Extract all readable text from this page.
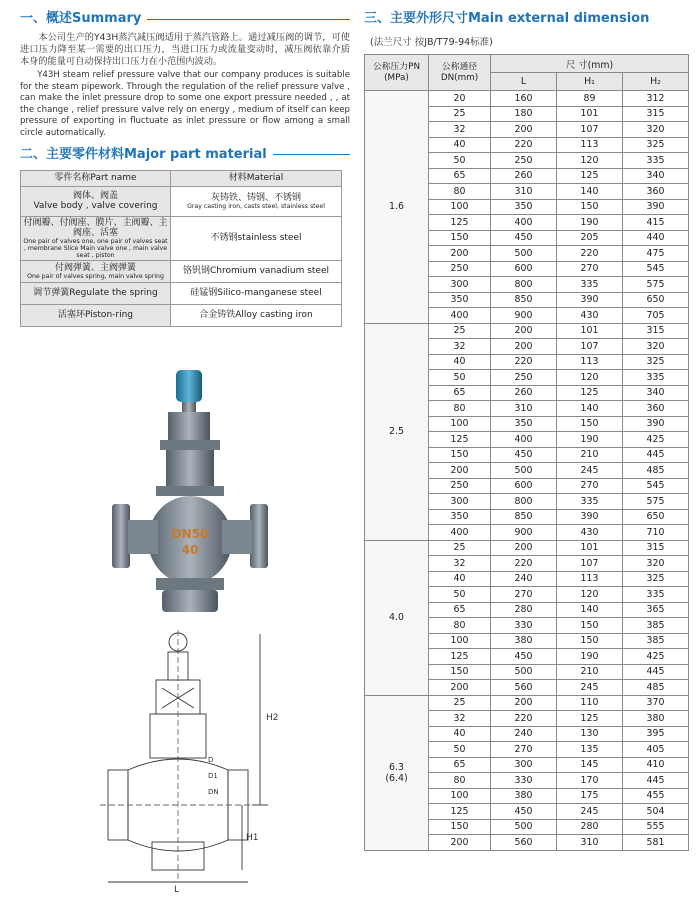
一、概述Summary

本公司生产的Y43H蒸汽减压阀适用于蒸汽管路上。通过减压阀的调节，可使进口压力降至某一需要的出口压力，当进口压力或流量变动时，减压阀依靠介质本身的能量可自动保持出口压力在小范围内波动。

Y43H steam relief pressure valve that our company produces is suitable for the steam pipework. Through the regulation of the relief pressure valve , can make the inlet pressure drop to some one export pressure needed , , at the change , relief pressure valve rely on energy , medium of itself can keep pressure of exporting in fluctuate as inlet pressure or flow among a small circle automatically.

二、主要零件材料Major part material
零件名称Part name	材料Material

阀体、阀盖
Valve body , valve covering	灰铸铁、铸钢、不锈钢
Gray casting iron, casts steel, stainless steel

付阀瓣、付阀座、膜片、主阀瓣、主阀座、活塞
One pair of valves one, one pair of valves seat , membrane Slice Main valve one , main valve seat , piston	不锈钢stainless steel

付阀弹簧、主阀弹簧
One pair of valves spring, main valve spring	铬钒钢Chromium vanadium steel
调节弹簧Regulate the spring	硅锰钢Silico-manganese steel
活塞环Piston-ring	合金铸铁Alloy casting iron
DN50
40
H2
H1
L
D
D1
DN
三、主要外形尺寸Main external dimension
(法兰尺寸 按JB/T79-94标准)
公称压力PN (MPa)	公称通径DN(mm)	尺 寸(mm)		
		L	H₁	H₂
1.6	20	160	89	312
	25	180	101	315
	32	200	107	320
	40	220	113	325
	50	250	120	335
	65	260	125	340
	80	310	140	360
	100	350	150	390
	125	400	190	415
	150	450	205	440
	200	500	220	475
	250	600	270	545
	300	800	335	575
	350	850	390	650
	400	900	430	705
2.5	25	200	101	315
	32	200	107	320
	40	220	113	325
	50	250	120	335
	65	260	125	340
	80	310	140	360
	100	350	150	390
	125	400	190	425
	150	450	210	445
	200	500	245	485
	250	600	270	545
	300	800	335	575
	350	850	390	650
	400	900	430	710
4.0	25	200	101	315
	32	220	107	320
	40	240	113	325
	50	270	120	335
	65	280	140	365
	80	330	150	385
	100	380	150	385
	125	450	190	425
	150	500	210	445
	200	560	245	485
6.3
(6.4)	25	200	110	370
	32	220	125	380
	40	240	130	395
	50	270	135	405
	65	300	145	410
	80	330	170	445
	100	380	175	455
	125	450	245	504
	150	500	280	555
	200	560	310	581
